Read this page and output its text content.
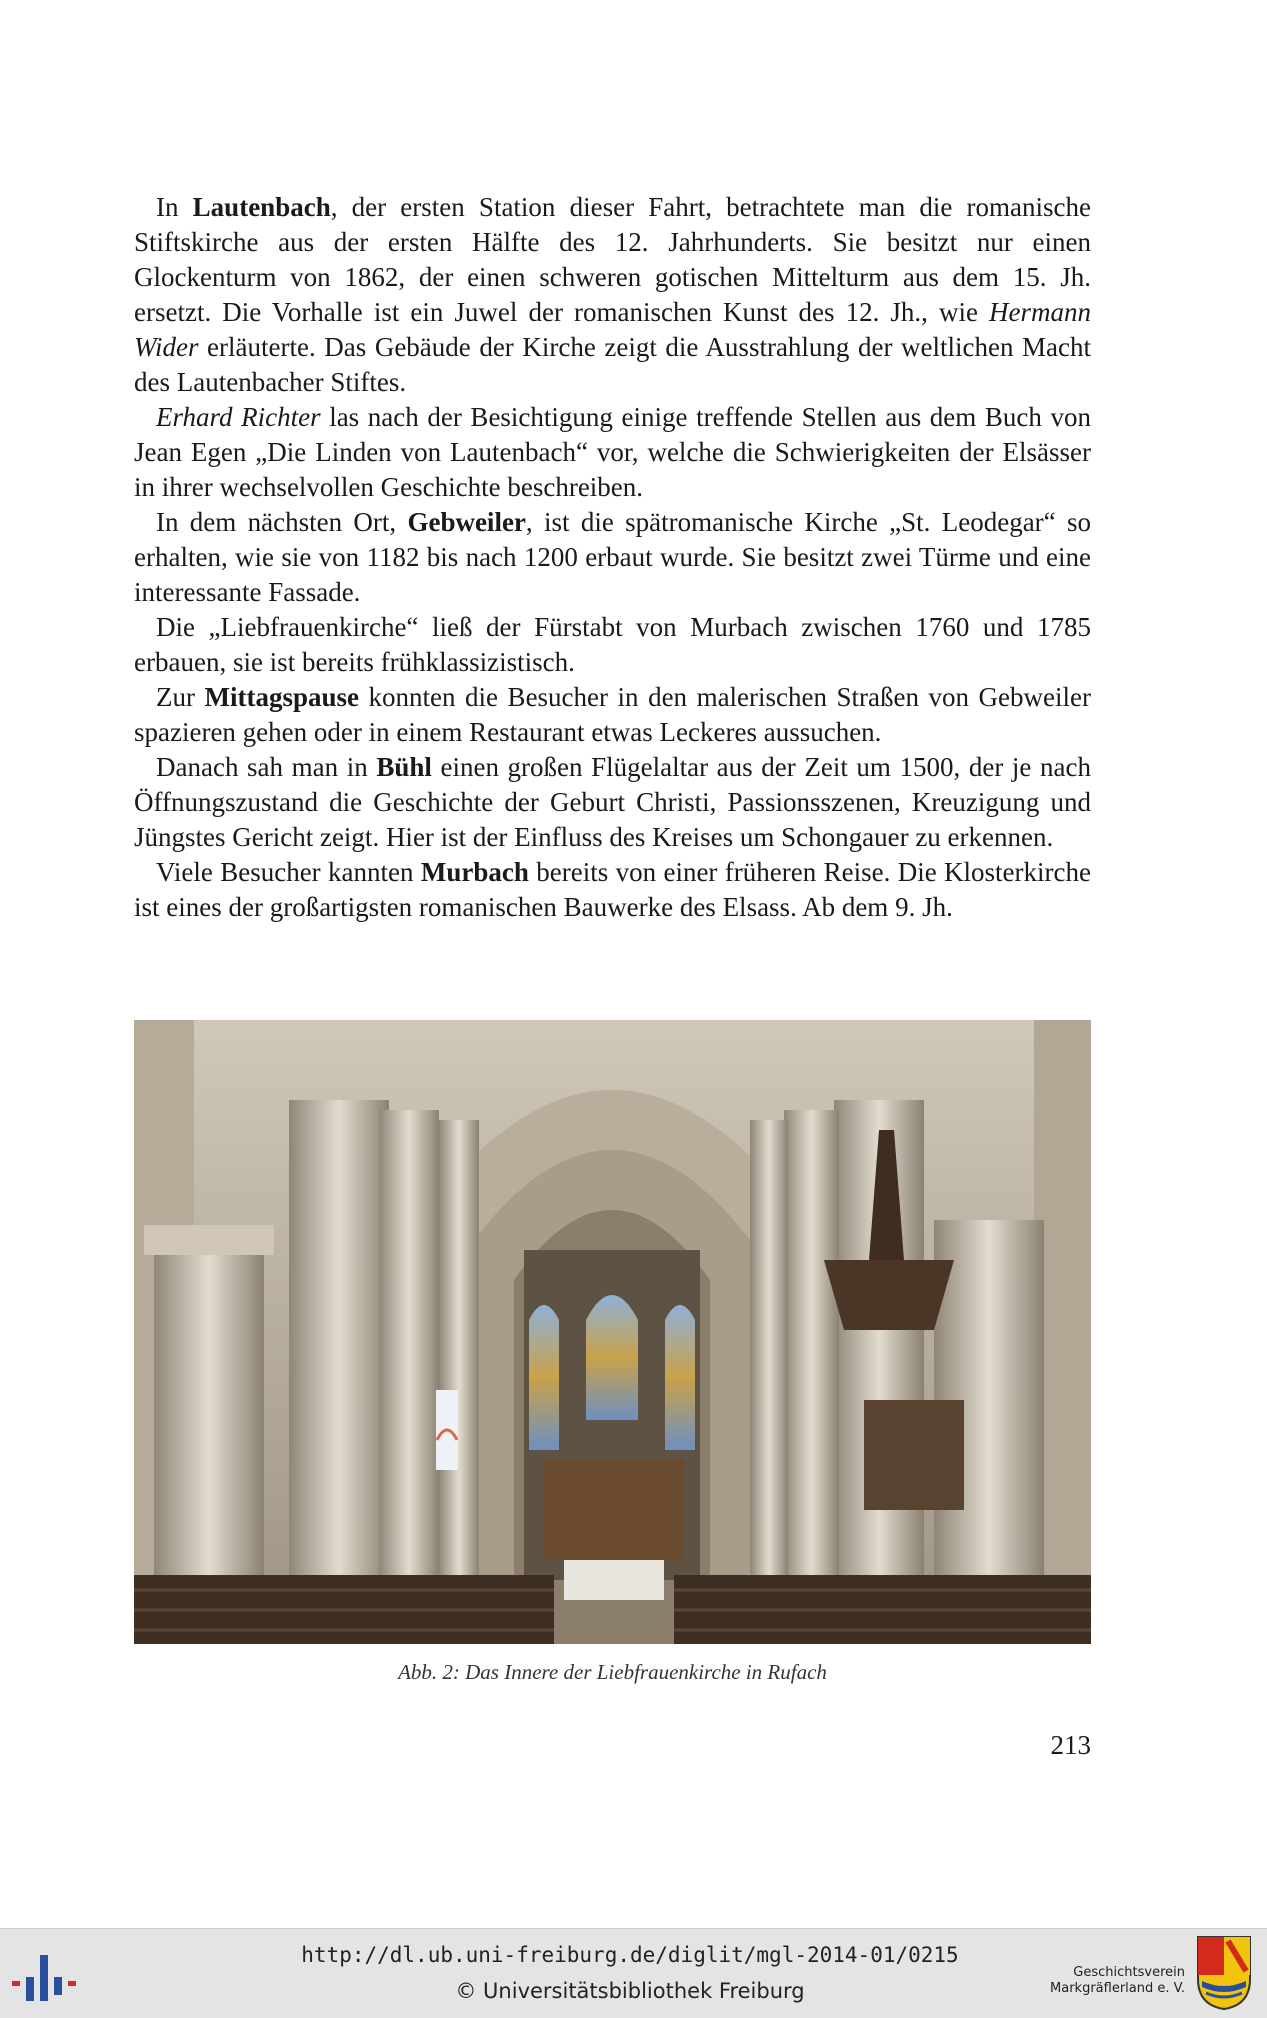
In Lautenbach, der ersten Station dieser Fahrt, betrachtete man die romanische Stiftskirche aus der ersten Hälfte des 12. Jahrhunderts. Sie besitzt nur einen Glockenturm von 1862, der einen schweren gotischen Mittelturm aus dem 15. Jh. ersetzt. Die Vorhalle ist ein Juwel der romanischen Kunst des 12. Jh., wie Hermann Wider erläuterte. Das Gebäude der Kirche zeigt die Ausstrahlung der weltlichen Macht des Lautenbacher Stiftes.

Erhard Richter las nach der Besichtigung einige treffende Stellen aus dem Buch von Jean Egen „Die Linden von Lautenbach“ vor, welche die Schwierigkeiten der Elsässer in ihrer wechselvollen Geschichte beschreiben.

In dem nächsten Ort, Gebweiler, ist die spätromanische Kirche „St. Leodegar“ so erhalten, wie sie von 1182 bis nach 1200 erbaut wurde. Sie besitzt zwei Türme und eine interessante Fassade.

Die „Liebfrauenkirche“ ließ der Fürstabt von Murbach zwischen 1760 und 1785 erbauen, sie ist bereits frühklassizistisch.

Zur Mittagspause konnten die Besucher in den malerischen Straßen von Gebweiler spazieren gehen oder in einem Restaurant etwas Leckeres aussuchen.

Danach sah man in Bühl einen großen Flügelaltar aus der Zeit um 1500, der je nach Öffnungszustand die Geschichte der Geburt Christi, Passionsszenen, Kreuzigung und Jüngstes Gericht zeigt. Hier ist der Einfluss des Kreises um Schongauer zu erkennen.

Viele Besucher kannten Murbach bereits von einer früheren Reise. Die Klosterkirche ist eines der großartigsten romanischen Bauwerke des Elsass. Ab dem 9. Jh.

Abb. 2: Das Innere der Liebfrauenkirche in Rufach
213
http://dl.ub.uni-freiburg.de/diglit/mgl-2014-01/0215
© Universitätsbibliothek Freiburg
Geschichtsverein
Markgräflerland e. V.
